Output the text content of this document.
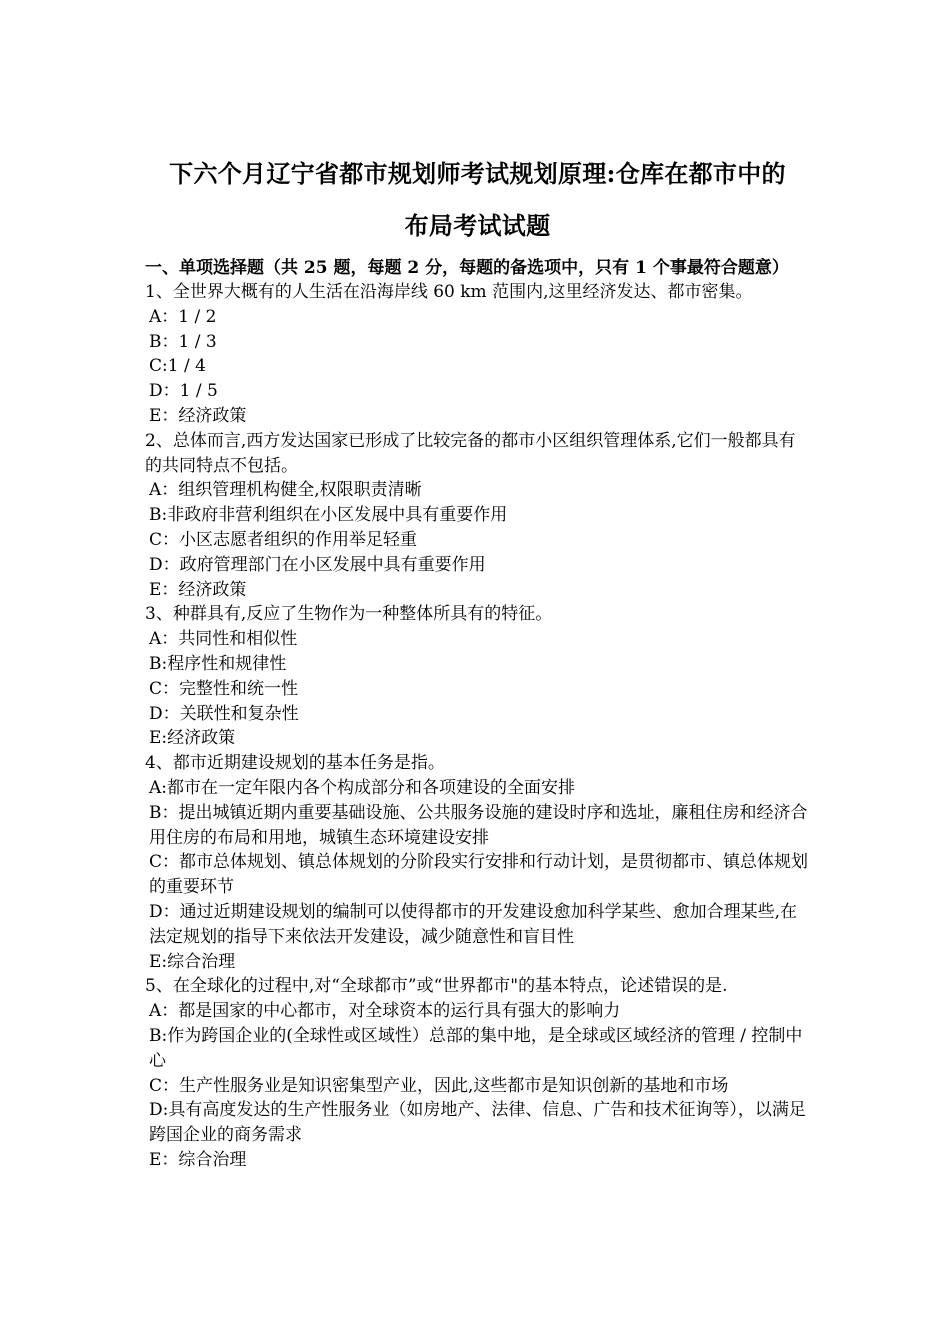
下六个月辽宁省都市规划师考试规划原理:仓库在都市中的
布局考试试题

一、单项选择题（共 25 题，每题 2 分，每题的备选项中，只有 1 个事最符合题意）

1、全世界大概有的人生活在沿海岸线 60 km 范围内,这里经济发达、都市密集。

A：1 / 2

B：1 / 3

C:1 / 4

D：1 / 5

E：经济政策

2、总体而言,西方发达国家已形成了比较完备的都市小区组织管理体系,它们一般都具有的共同特点不包括。

A：组织管理机构健全,权限职责清晰

B:非政府非营利组织在小区发展中具有重要作用

C：小区志愿者组织的作用举足轻重

D：政府管理部门在小区发展中具有重要作用

E：经济政策

3、种群具有,反应了生物作为一种整体所具有的特征。

A：共同性和相似性

B:程序性和规律性

C：完整性和统一性

D：关联性和复杂性

E:经济政策

4、都市近期建设规划的基本任务是指。

A:都市在一定年限内各个构成部分和各项建设的全面安排

B：提出城镇近期内重要基础设施、公共服务设施的建设时序和选址，廉租住房和经济合用住房的布局和用地，城镇生态环境建设安排

C：都市总体规划、镇总体规划的分阶段实行安排和行动计划，是贯彻都市、镇总体规划的重要环节

D：通过近期建设规划的编制可以使得都市的开发建设愈加科学某些、愈加合理某些,在法定规划的指导下来依法开发建设，减少随意性和盲目性

E:综合治理

5、在全球化的过程中,对“全球都市”或“世界都市"的基本特点，论述错误的是.

A：都是国家的中心都市，对全球资本的运行具有强大的影响力

B:作为跨国企业的(全球性或区域性）总部的集中地，是全球或区域经济的管理 / 控制中心

C：生产性服务业是知识密集型产业，因此,这些都市是知识创新的基地和市场

D:具有高度发达的生产性服务业（如房地产、法律、信息、广告和技术征询等），以满足跨国企业的商务需求

E：综合治理
